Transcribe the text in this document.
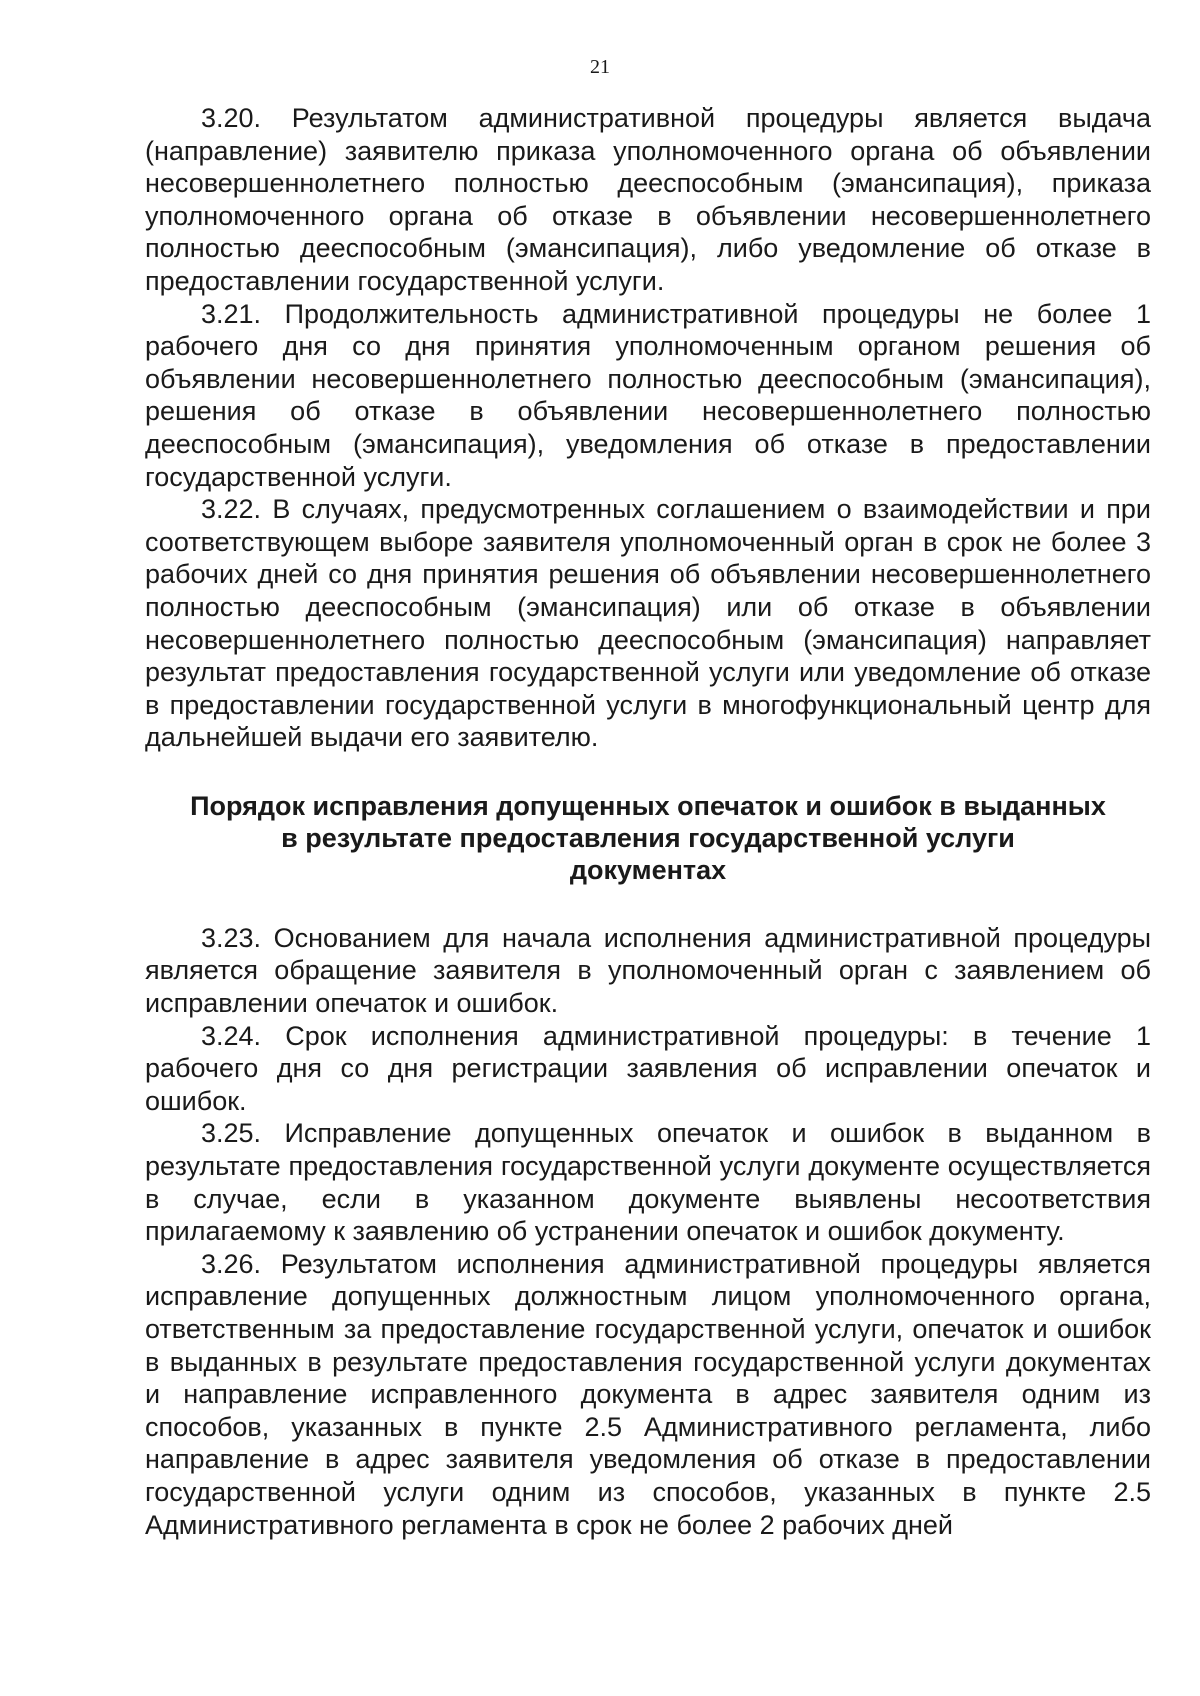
21

3.20. Результатом административной процедуры является выдача (направление) заявителю приказа уполномоченного органа об объявлении несовершеннолетнего полностью дееспособным (эмансипация), приказа уполномоченного органа об отказе в объявлении несовершеннолетнего полностью дееспособным (эмансипация), либо уведомление об отказе в предоставлении государственной услуги.

3.21. Продолжительность административной процедуры не более 1 рабочего дня со дня принятия уполномоченным органом решения об объявлении несовершеннолетнего полностью дееспособным (эмансипация), решения об отказе в объявлении несовершеннолетнего полностью дееспособным (эмансипация), уведомления об отказе в предоставлении государственной услуги.

3.22. В случаях, предусмотренных соглашением о взаимодействии и при соответствующем выборе заявителя уполномоченный орган в срок не более 3 рабочих дней со дня принятия решения об объявлении несовершеннолетнего полностью дееспособным (эмансипация) или об отказе в объявлении несовершеннолетнего полностью дееспособным (эмансипация) направляет результат предоставления государственной услуги или уведомление об отказе в предоставлении государственной услуги в многофункциональный центр для дальнейшей выдачи его заявителю.

Порядок исправления допущенных опечаток и ошибок в выданных

в результате предоставления государственной услуги

документах

3.23. Основанием для начала исполнения административной процедуры является обращение заявителя в уполномоченный орган с заявлением об исправлении опечаток и ошибок.

3.24. Срок исполнения административной процедуры: в течение 1 рабочего дня со дня регистрации заявления об исправлении опечаток и ошибок.

3.25. Исправление допущенных опечаток и ошибок в выданном в результате предоставления государственной услуги документе осуществляется в случае, если в указанном документе выявлены несоответствия прилагаемому к заявлению об устранении опечаток и ошибок документу.

3.26. Результатом исполнения административной процедуры является исправление допущенных должностным лицом уполномоченного органа, ответственным за предоставление государственной услуги, опечаток и ошибок в выданных в результате предоставления государственной услуги документах и направление исправленного документа в адрес заявителя одним из способов, указанных в пункте 2.5 Административного регламента, либо направление в адрес заявителя уведомления об отказе в предоставлении государственной услуги одним из способов, указанных в пункте 2.5 Административного регламента в срок не более 2 рабочих дней
